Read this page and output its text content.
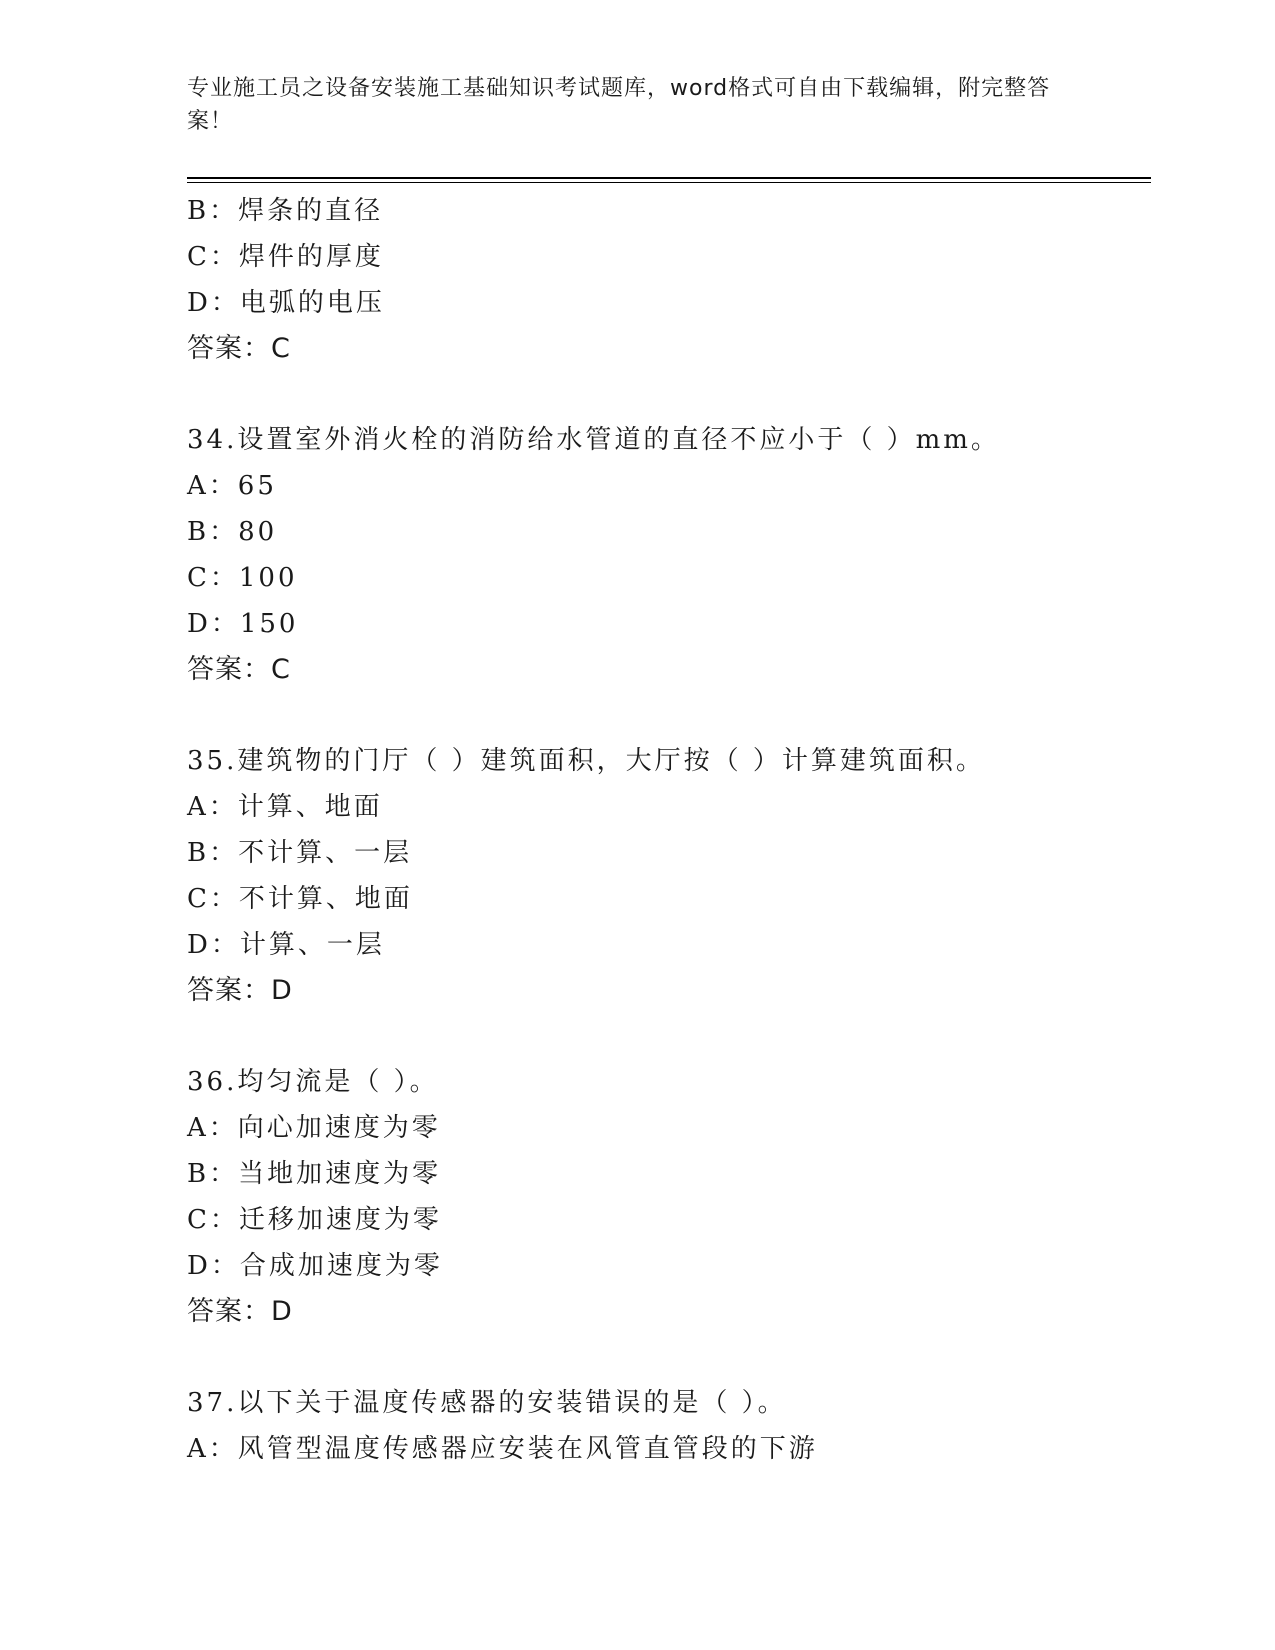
专业施工员之设备安装施工基础知识考试题库，word格式可自由下载编辑，附完整答案！
B：焊条的直径
C：焊件的厚度
D：电弧的电压
答案：C
34.设置室外消火栓的消防给水管道的直径不应小于（ ）mm。
A：65
B：80
C：100
D：150
答案：C
35.建筑物的门厅（ ）建筑面积，大厅按（ ）计算建筑面积。
A：计算、地面
B：不计算、一层
C：不计算、地面
D：计算、一层
答案：D
36.均匀流是（ ）。
A：向心加速度为零
B：当地加速度为零
C：迁移加速度为零
D：合成加速度为零
答案：D
37.以下关于温度传感器的安装错误的是（ ）。
A：风管型温度传感器应安装在风管直管段的下游
